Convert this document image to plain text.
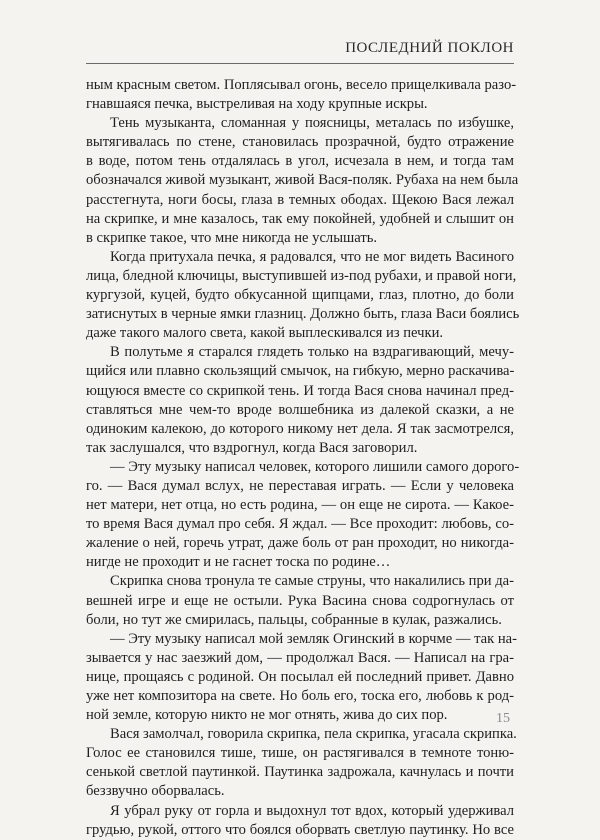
ПОСЛЕДНИЙ ПОКЛОН
ным красным светом. Поплясывал огонь, весело прищелкивала разо-
гнавшаяся печка, выстреливая на ходу крупные искры.
Тень музыканта, сломанная у поясницы, металась по избушке,
вытягивалась по стене, становилась прозрачной, будто отражение
в воде, потом тень отдалялась в угол, исчезала в нем, и тогда там
обозначался живой музыкант, живой Вася-поляк. Рубаха на нем была
расстегнута, ноги босы, глаза в темных ободах. Щекою Вася лежал
на скрипке, и мне казалось, так ему покойней, удобней и слышит он
в скрипке такое, что мне никогда не услышать.
Когда притухала печка, я радовался, что не мог видеть Васиного
лица, бледной ключицы, выступившей из-под рубахи, и правой ноги,
кургузой, куцей, будто обкусанной щипцами, глаз, плотно, до боли
затиснутых в черные ямки глазниц. Должно быть, глаза Васи боялись
даже такого малого света, какой выплескивался из печки.
В полутьме я старался глядеть только на вздрагивающий, мечу-
щийся или плавно скользящий смычок, на гибкую, мерно раскачива-
ющуюся вместе со скрипкой тень. И тогда Вася снова начинал пред-
ставляться мне чем-то вроде волшебника из далекой сказки, а не
одиноким калекою, до которого никому нет дела. Я так засмотрелся,
так заслушался, что вздрогнул, когда Вася заговорил.
— Эту музыку написал человек, которого лишили самого дорого-
го. — Вася думал вслух, не переставая играть. — Если у человека
нет матери, нет отца, но есть родина, — он еще не сирота. — Какое-
то время Вася думал про себя. Я ждал. — Все проходит: любовь, со-
жаление о ней, горечь утрат, даже боль от ран проходит, но никогда-
нигде не проходит и не гаснет тоска по родине…
Скрипка снова тронула те самые струны, что накалились при да-
вешней игре и еще не остыли. Рука Васина снова содрогнулась от
боли, но тут же смирилась, пальцы, собранные в кулак, разжались.
— Эту музыку написал мой земляк Огинский в корчме — так на-
зывается у нас заезжий дом, — продолжал Вася. — Написал на гра-
нице, прощаясь с родиной. Он посылал ей последний привет. Давно
уже нет композитора на свете. Но боль его, тоска его, любовь к род-
ной земле, которую никто не мог отнять, жива до сих пор.
Вася замолчал, говорила скрипка, пела скрипка, угасала скрипка.
Голос ее становился тише, тише, он растягивался в темноте тоню-
сенькой светлой паутинкой. Паутинка задрожала, качнулась и почти
беззвучно оборвалась.
Я убрал руку от горла и выдохнул тот вдох, который удерживал
грудью, рукой, оттого что боялся оборвать светлую паутинку. Но все
15
